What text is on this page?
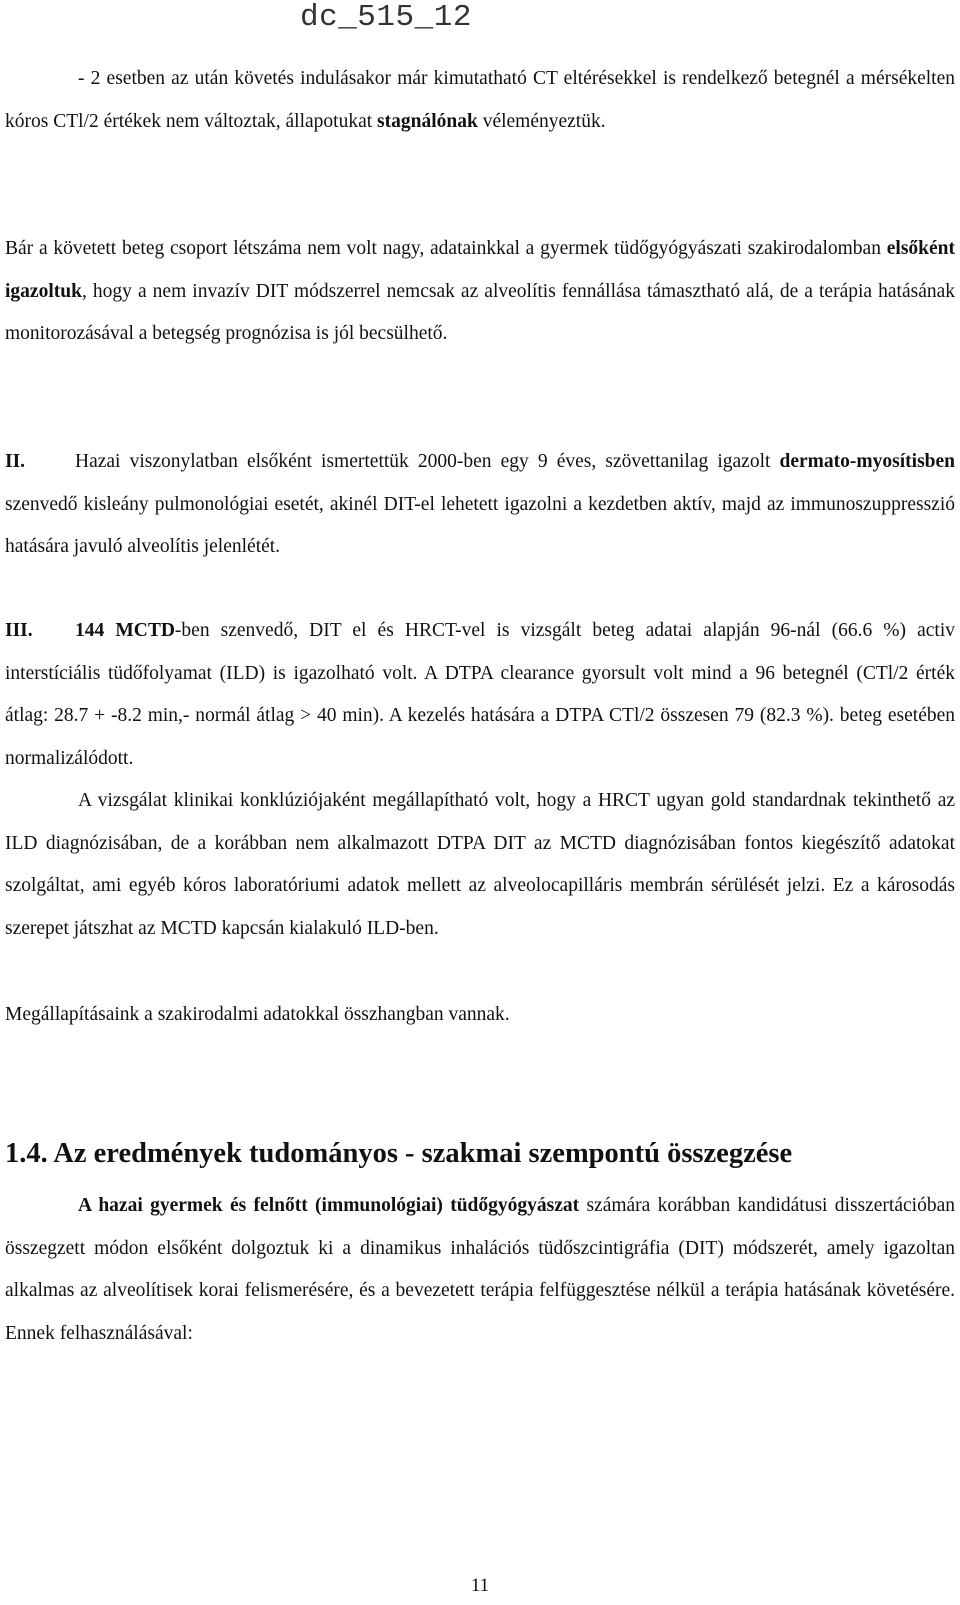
dc_515_12

- 2 esetben az után követés indulásakor már kimutatható CT eltérésekkel is rendelkező betegnél a mérsékelten kóros CTl/2 értékek nem változtak, állapotukat stagnálónak véleményeztük.

Bár a követett beteg csoport létszáma nem volt nagy, adatainkkal a gyermek tüdőgyógyászati szakirodalomban elsőként igazoltuk, hogy a nem invazív DIT módszerrel nemcsak az alveolítis fennállása támasztható alá, de a terápia hatásának monitorozásával a betegség prognózisa is jól becsülhető.

II.	Hazai viszonylatban elsőként ismertettük 2000-ben egy 9 éves, szövettanilag igazolt dermato-myosítisben szenvedő kisleány pulmonológiai esetét, akinél DIT-el lehetett igazolni a kezdetben aktív, majd az immunoszuppresszió hatására javuló alveolítis jelenlétét.

III. 144 MCTD-ben szenvedő, DIT el és HRCT-vel is vizsgált beteg adatai alapján 96-nál (66.6 %) activ interstíciális tüdőfolyamat (ILD) is igazolható volt. A DTPA clearance gyorsult volt mind a 96 betegnél (CTl/2 érték átlag: 28.7 + -8.2 min,- normál átlag > 40 min). A kezelés hatására a DTPA CTl/2 összesen 79 (82.3 %). beteg esetében normalizálódott.

A vizsgálat klinikai konklúziójaként megállapítható volt, hogy a HRCT ugyan gold standardnak tekinthető az ILD diagnózisában, de a korábban nem alkalmazott DTPA DIT az MCTD diagnózisában fontos kiegészítő adatokat szolgáltat, ami egyéb kóros laboratóriumi adatok mellett az alveolocapilláris membrán sérülését jelzi. Ez a károsodás szerepet játszhat az MCTD kapcsán kialakuló ILD-ben.

Megállapításaink a szakirodalmi adatokkal összhangban vannak.

1.4. Az eredmények tudományos - szakmai szempontú összegzése

A hazai gyermek és felnőtt (immunológiai) tüdőgyógyászat számára korábban kandidátusi disszertációban összegzett módon elsőként dolgoztuk ki a dinamikus inhalációs tüdőszcintigráfia (DIT) módszerét, amely igazoltan alkalmas az alveolítisek korai felismerésére, és a bevezetett terápia felfüggesztése nélkül a terápia hatásának követésére. Ennek felhasználásával:

11
